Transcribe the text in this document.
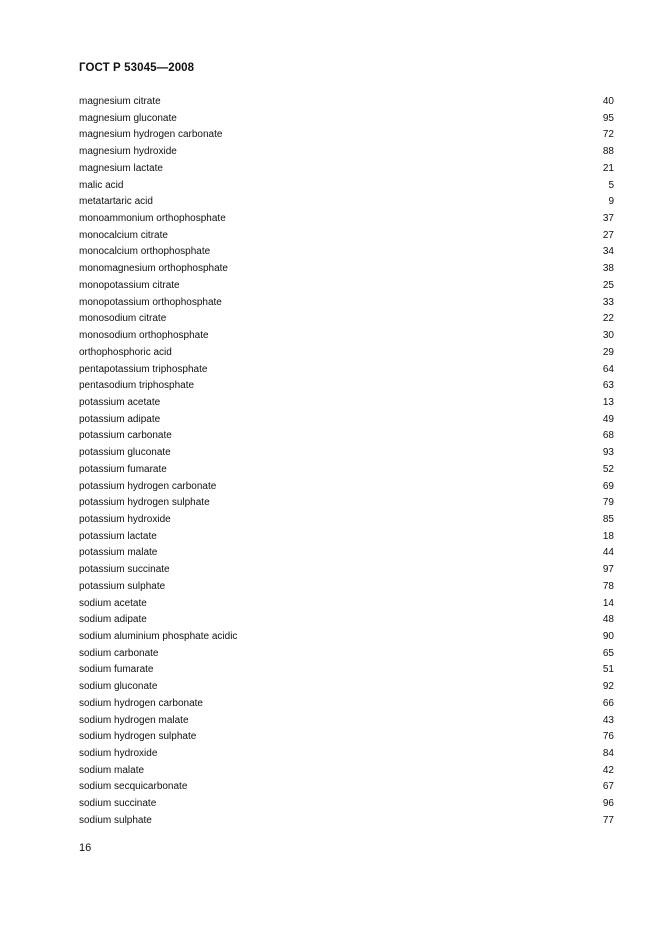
ГОСТ Р 53045—2008
magnesium citrate	40
magnesium gluconate	95
magnesium hydrogen carbonate	72
magnesium hydroxide	88
magnesium lactate	21
malic acid	5
metatartaric acid	9
monoammonium orthophosphate	37
monocalcium citrate	27
monocalcium orthophosphate	34
monomagnesium orthophosphate	38
monopotassium citrate	25
monopotassium orthophosphate	33
monosodium citrate	22
monosodium orthophosphate	30
orthophosphoric acid	29
pentapotassium triphosphate	64
pentasodium triphosphate	63
potassium acetate	13
potassium adipate	49
potassium carbonate	68
potassium gluconate	93
potassium fumarate	52
potassium hydrogen carbonate	69
potassium hydrogen sulphate	79
potassium hydroxide	85
potassium lactate	18
potassium malate	44
potassium succinate	97
potassium sulphate	78
sodium acetate	14
sodium adipate	48
sodium aluminium phosphate acidic	90
sodium carbonate	65
sodium fumarate	51
sodium gluconate	92
sodium hydrogen carbonate	66
sodium hydrogen malate	43
sodium hydrogen sulphate	76
sodium hydroxide	84
sodium malate	42
sodium secquicarbonate	67
sodium succinate	96
sodium sulphate	77
16
